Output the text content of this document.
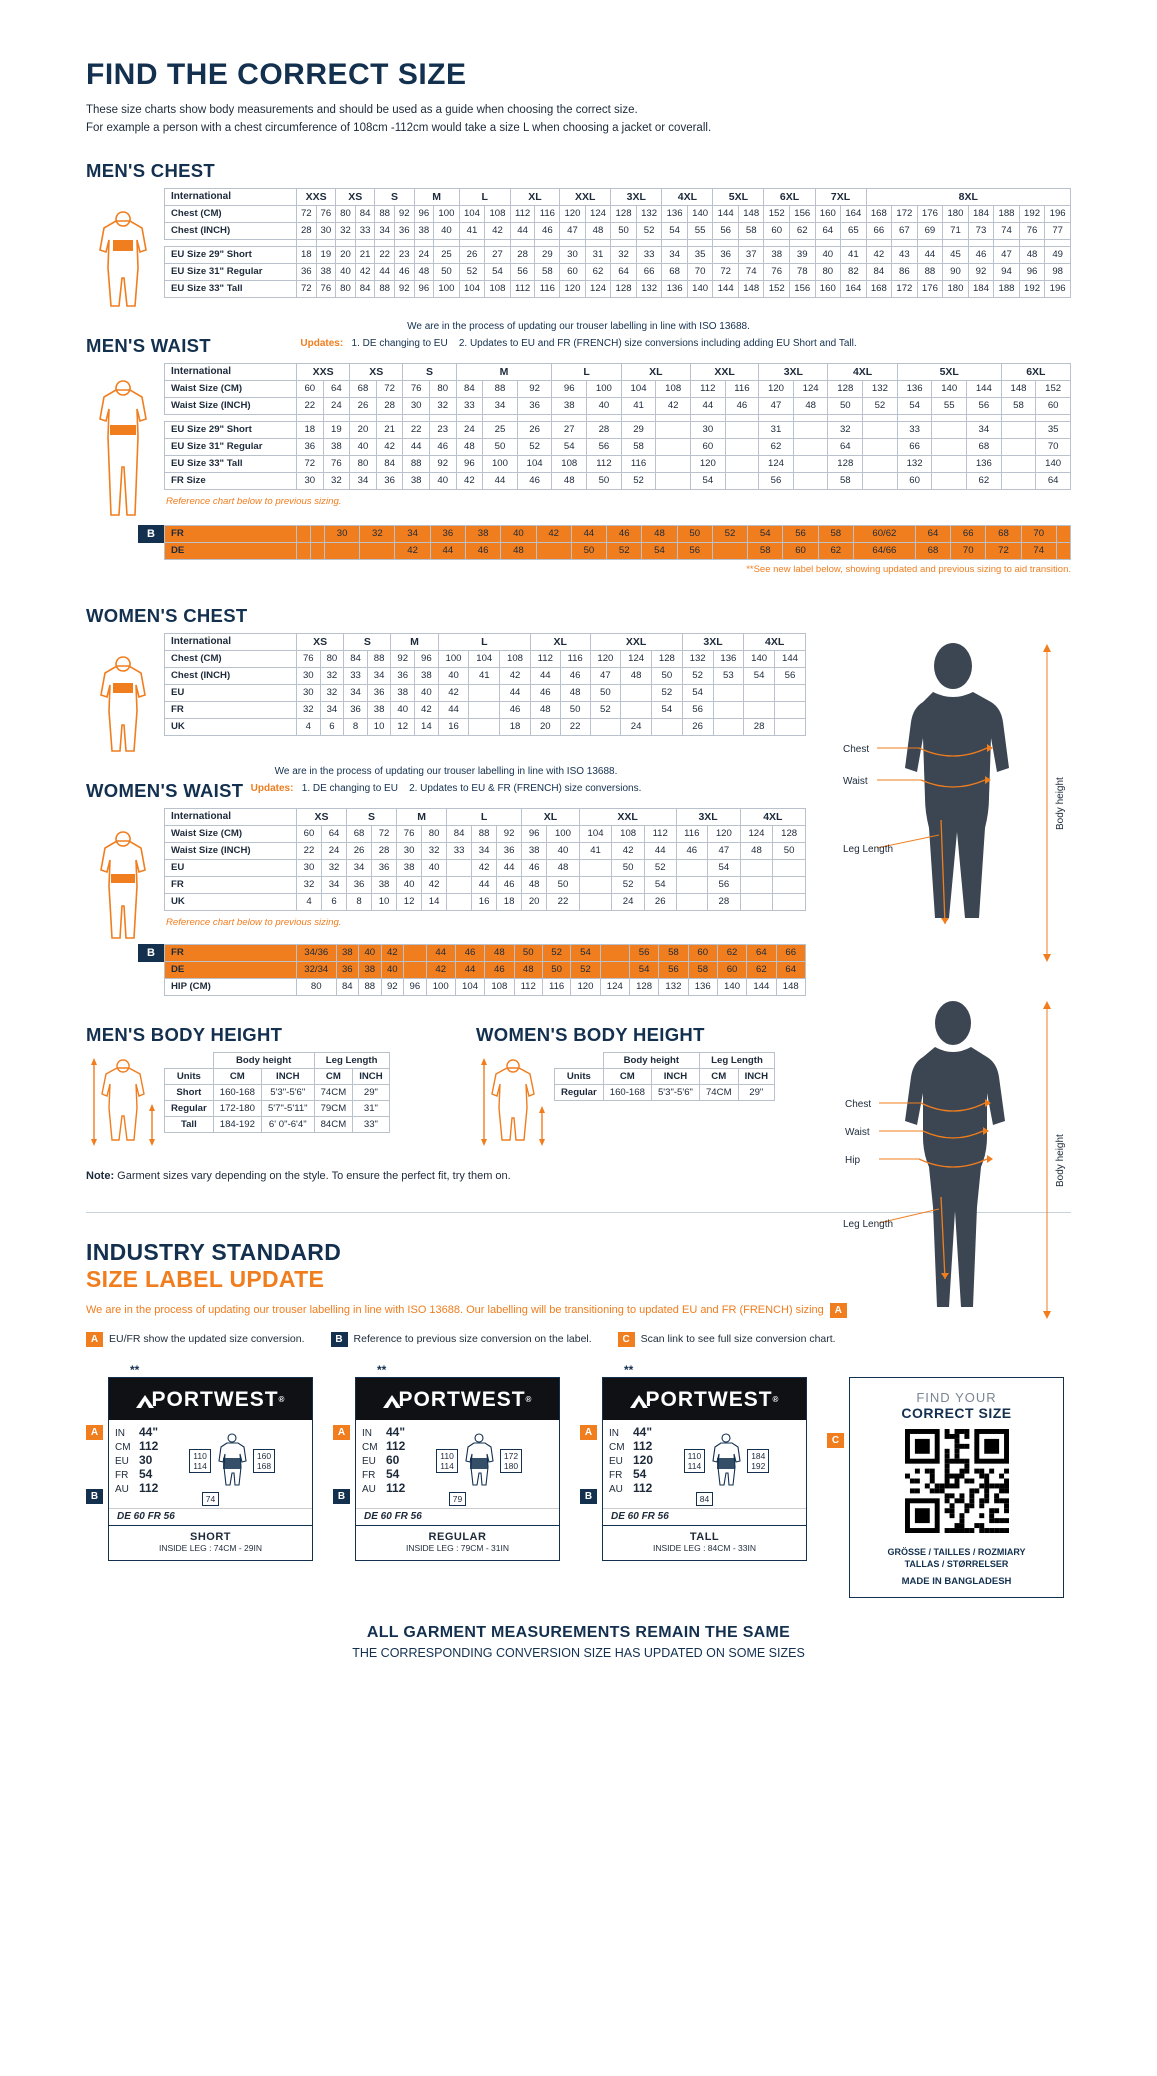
FIND THE CORRECT SIZE
These size charts show body measurements and should be used as a guide when choosing the correct size.
For example a person with a chest circumference of 108cm -112cm would take a size L when choosing a jacket or coverall.
MEN'S CHEST
International	XXS		XS		S		M		L		XL		XXL		3XL		4XL		5XL		6XL		7XL		8XL							
Chest (CM)	72	76	80	84	88	92	96	100	104	108	112	116	120	124	128	132	136	140	144	148	152	156	160	164	168	172	176	180	184	188	192	196
Chest (INCH)	28	30	32	33	34	36	38	40	41	42	44	46	47	48	50	52	54	55	56	58	60	62	64	65	66	67	69	71	73	74	76	77

EU Size 29" Short	18	19	20	21	22	23	24	25	26	27	28	29	30	31	32	33	34	35	36	37	38	39	40	41	42	43	44	45	46	47	48	49
EU Size 31" Regular	36	38	40	42	44	46	48	50	52	54	56	58	60	62	64	66	68	70	72	74	76	78	80	82	84	86	88	90	92	94	96	98
EU Size 33" Tall	72	76	80	84	88	92	96	100	104	108	112	116	120	124	128	132	136	140	144	148	152	156	160	164	168	172	176	180	184	188	192	196
We are in the process of updating our trouser labelling in line with ISO 13688.
Updates: 1. DE changing to EU 2. Updates to EU and FR (FRENCH) size conversions including adding EU Short and Tall.
MEN'S WAIST
International	XXS		XS		S		M			L		XL		XXL		3XL		4XL		5XL			6XL	
Waist Size (CM)	60	64	68	72	76	80	84	88	92	96	100	104	108	112	116	120	124	128	132	136	140	144	148	152
Waist Size (INCH)	22	24	26	28	30	32	33	34	36	38	40	41	42	44	46	47	48	50	52	54	55	56	58	60

EU Size 29" Short	18	19	20	21	22	23	24	25	26	27	28	29		30		31		32		33		34		35
EU Size 31" Regular	36	38	40	42	44	46	48	50	52	54	56	58		60		62		64		66		68		70
EU Size 33" Tall	72	76	80	84	88	92	96	100	104	108	112	116		120		124		128		132		136		140
FR Size	30	32	34	36	38	40	42	44	46	48	50	52		54		56		58		60		62		64
Reference chart below to previous sizing.
B	FR			30	32	34	36	38	40	42	44	46	48	50	52	54	56	58	60/62	64	66	68	70	
DE					42	44	46	48		50	52	54	56		58	60	62	64/66	68	70	72	74	
**See new label below, showing updated and previous sizing to aid transition.
Chest
Waist
Leg Length
Body height

Chest
Waist
Hip
Leg Length
Body height
WOMEN'S CHEST
International	XS		S		M		L			XL		XXL			3XL		4XL	
Chest (CM)	76	80	84	88	92	96	100	104	108	112	116	120	124	128	132	136	140	144
Chest (INCH)	30	32	33	34	36	38	40	41	42	44	46	47	48	50	52	53	54	56
EU	30	32	34	36	38	40	42		44	46	48	50		52	54			
FR	32	34	36	38	40	42	44		46	48	50	52		54	56			
UK	4	6	8	10	12	14	16		18	20	22		24		26		28	
We are in the process of updating our trouser labelling in line with ISO 13688.
Updates: 1. DE changing to EU 2. Updates to EU & FR (FRENCH) size conversions.
WOMEN'S WAIST
International	XS		S		M		L			XL		XXL			3XL		4XL	
Waist Size (CM)	60	64	68	72	76	80	84	88	92	96	100	104	108	112	116	120	124	128
Waist Size (INCH)	22	24	26	28	30	32	33	34	36	38	40	41	42	44	46	47	48	50
EU	30	32	34	36	38	40		42	44	46	48		50	52		54		
FR	32	34	36	38	40	42		44	46	48	50		52	54		56		
UK	4	6	8	10	12	14		16	18	20	22		24	26		28		
Reference chart below to previous sizing.
B	FR	34/36	38	40	42		44	46	48	50	52	54		56	58	60	62	64	66
DE	32/34	36	38	40		42	44	46	48	50	52		54	56	58	60	62	64
HIP (CM)	80	84	88	92	96	100	104	108	112	116	120	124	128	132	136	140	144	148
MEN'S BODY HEIGHT
	Body height		Leg Length	
Units	CM	INCH	CM	INCH
Short	160-168	5'3"-5'6"	74CM	29"
Regular	172-180	5'7"-5'11"	79CM	31"
Tall	184-192	6' 0"-6'4"	84CM	33"
WOMEN'S BODY HEIGHT
	Body height		Leg Length	
Units	CM	INCH	CM	INCH
Regular	160-168	5'3"-5'6"	74CM	29"
Note: Garment sizes vary depending on the style. To ensure the perfect fit, try them on.
INDUSTRY STANDARD
SIZE LABEL UPDATE
We are in the process of updating our trouser labelling in line with ISO 13688. Our labelling will be transitioning to updated EU and FR (FRENCH) sizing	A
A	EU/FR show the updated size conversion.	B	Reference to previous size conversion on the label.	C	Scan link to see full size conversion chart.
**
A
B
PORTWEST ®
IN 44"
CM 112
EU 30
FR 54
AU 112
110
114
160
168
74
DE 60 FR 56
SHORT
INSIDE LEG : 74CM - 29IN
**
A
B
PORTWEST ®
IN 44"
CM 112
EU 60
FR 54
AU 112
110
114
172
180
79
DE 60 FR 56
REGULAR
INSIDE LEG : 79CM - 31IN
**
A
B
PORTWEST ®
IN 44"
CM 112
EU 120
FR 54
AU 112
110
114
184
192
84
DE 60 FR 56
TALL
INSIDE LEG : 84CM - 33IN
C
FIND YOUR
CORRECT SIZE
GRÖSSE / TAILLES / ROZMIARY
TALLAS / STØRRELSER
MADE IN BANGLADESH
ALL GARMENT MEASUREMENTS REMAIN THE SAME
THE CORRESPONDING CONVERSION SIZE HAS UPDATED ON SOME SIZES
